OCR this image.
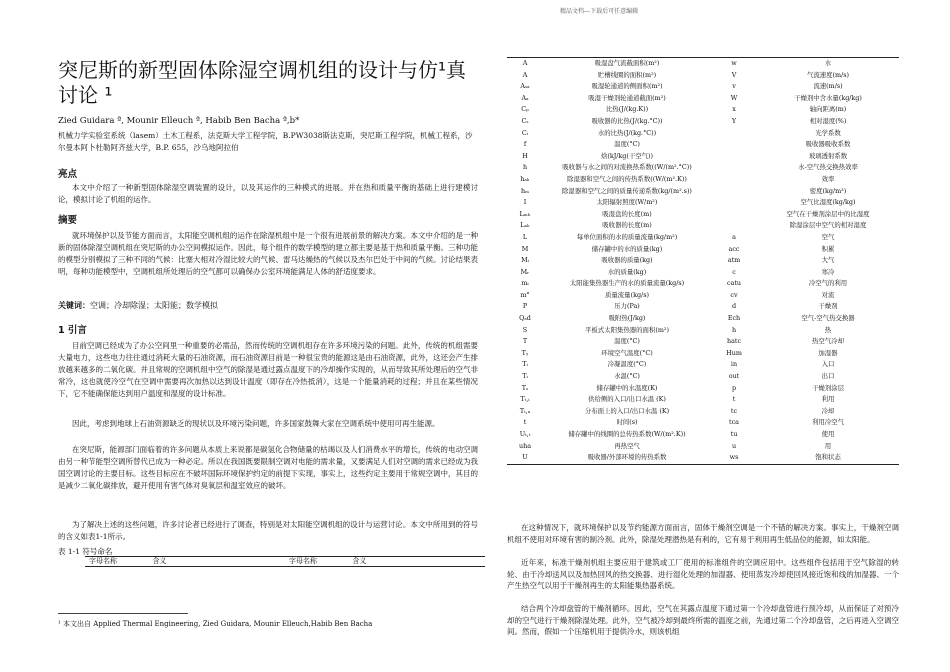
精品文档---下载后可任意编辑
突尼斯的新型固体除湿空调机组的设计与仿¹真讨论 ¹
Zied Guidara ª, Mounir Elleuch ª, Habib Ben Bacha ª,b*
机械力学实验室系统（lasem）土木工程系，法克斯大学工程学院，B.PW3038斯法克斯，突尼斯工程学院，机械工程系，沙尔曼本阿卜杜勒阿齐兹大学，B.P. 655，沙乌地阿拉伯
亮点
本文中介绍了一种新型固体除湿空调装置的设计，以及其运作的三种模式的进展。并在热和质量平衡的基础上进行建模讨论，模拟讨论了机组的运作。
摘要
就环境保护以及节能方面而言，太阳能空调机组的运作在除湿机组中是一个很有进展前景的解决方案。本文中介绍的是一种新的固体除湿空调机组在突尼斯的办公空间模拟运作。因此，每个组件的数学模型的建立都主要是基于热和质量平衡。三种功能的模型分别模拟了三种不同的气候：比塞大相对冷湿比较大的气候、雷马达燥热的气候以及杰尔巴处于中间的气候。讨论结果表明，每种功能模型中，空调机组所处理后的空气都可以确保办公室环境能满足人体的舒适度要求。
关键词：空调；冷却除湿；太阳能；数学模拟
1 引言
目前空调已经成为了办公空间里一种重要的必需品，然而传统的空调机组存在许多环境污染的问题。此外，传统的机组需要大量电力，这些电力往往通过消耗大量的石油资源，而石油资源目前是一种很宝贵的能源这是由石油资源，此外，这还会产生排放越来越多的二氧化碳。并且常规的空调机组中空气的除湿是通过露点温度下的冷却操作实现的，从而导致其所处理后的空气非常冷，这也就使冷空气在空调中需要再次加热以达到设计温度（即存在冷热抵消），这是一个能量消耗的过程；并且在某些情况下，它不能确保能达到用户温度和湿度的设计标准。
因此，考虑到地球上石油资源缺乏的现状以及环境污染问题，许多国家鼓舞大家在空调系统中使用可再生能源。
在突尼斯，能源部门面临着的许多问题从本质上来说都是碳氢化合物储量的枯竭以及人们消费水平的增长，传统的电动空调由另一种节能型空调所替代已成为一种必定。所以在我国既要限制空调对电能的需求量，又要满足人们对空调的需求已经成为我国空调讨论的主要目标。这些目标应在不破坏国际环境保护约定的前提下实现，事实上，这些约定主要用于常规空调中，其目的是减少二氧化碳排放，避开使用有害气体对臭氧层和温室效应的破坏。
为了解决上述的这些问题，许多讨论者已经进行了调查，特别是对太阳能空调机组的设计与运营讨论。本文中所用到的符号的含义如表1-1所示。
表 1-1 符号命名
字母名称	含义	字母名称	含义
¹ 本文出自 Applied Thermal Engineering, Zied Guidara, Mounir Elleuch,Habib Ben Bacha
A	吸湿盘气流截面积(m²)	w	水
A	贮槽线圈的面积(m²)	V	气流速度(m/s)
Aₛₐ	吸湿轮通道的侧面积(m²)	v	流速(m/s)
Aₐ	吸湿干燥剂轮通道截面(m²)	W	干燥剂中含水量(kg/kg)
Cₚ	比热(J/(kg.K))	x	轴向距离(m)
Cₛ	吸收器的比热(J/(kg.°C))	Y	相对湿度(%)
Cᵢ	水的比热(J/(kg.°C))		光学系数
f	温度(°C)		吸收器吸收系数
H	焓(kJ/kg(干空气))		玻璃透射系数
h	吸收器与水之间的对流换热系数((W/(m².°C))		水-空气热交换热效率
hₐₕ	除湿器和空气之间的传热系数((W/(m².K))		效率
hₘ	除湿器和空气之间的质量传递系数(kg/(m².s))		密度(kg/m³)
I	太阳辐射照度(W/m²)		空气比湿度(kg/kg)
Lₘₕ	吸湿盘的长度(m)		空气在干燥剂涂层中的比湿度
Lₐₕ	吸收器的长度(m)		除湿涂层中空气的相对湿度
L	每单位面积的水的质量流量(kg/m²)	a	空气
M	储存罐中的水的质量(kg)	acc	积累
Mᵢ	吸收器的质量(kg)	atm	大气
Mᵣ	水的质量(kg)	c	寒冷
mᵢ	太阳能集热器生产的水的质量流量(kg/s)	catu	冷空气的利用
m°	质量流量(kg/s)	cv	对流
P	压力(Pa)	d	干燥剂
Qₐd	吸附热(J/kg)	Ech	空气-空气热交换器
S	平板式太阳集热器的面积(m²)	h	热
T	温度(°C)	hatc	热空气冷却
Tᵧ	环境空气温度(°C)	Hum	加湿器
Tᵢ	冷凝温度(°C)	in	入口
Tᵢ	水温(°C)	out	出口
Tₛ	储存罐中的水温度(K)	p	干燥剂涂层
Tₜ,ᵢ	供给侧的入口/出口水温 (K)	t	利用
Tₜ,ₐ	分布面上的入口/出口水温 (K)	tc	冷却
t	时间(s)	tca	利用冷空气
Uₜ,ₜ	储存罐中的线圈的总传热系数(W/(m².K))	tu	使用
uha	再热空气	u	用
U	吸收器/外部环境的传热系数	ws	饱和状态
在这种情况下，就环境保护以及节约能源方面而言，固体干燥剂空调是一个不错的解决方案。事实上，干燥剂空调机组不使用对环境有害的制冷剂。此外，除湿处理潜热是有利的，它有易于利用再生低品位的能源，如太阳能。
近年来，标准干燥剂机组主要应用于建筑或工厂使用的标准组件的空调应用中。这些组件包括用于空气除湿的转轮、由于冷却送风以及加热回风的热交换器、进行湿化处理的加湿器、使用蒸发冷却使回风接近饱和线的加湿器、一个产生热空气以用于干燥剂再生的太阳能集热器系统。
结合两个冷却盘管的干燥剂循环。因此，空气在其露点温度下通过第一个冷却盘管进行预冷却，从而保证了对预冷却的空气进行干燥剂除湿处理。此外，空气被冷却到最终所需的温度之前，先通过第二个冷却盘管，之后再进入空调空间。然而，假如一个压缩机用于提供冷水，则该机组
